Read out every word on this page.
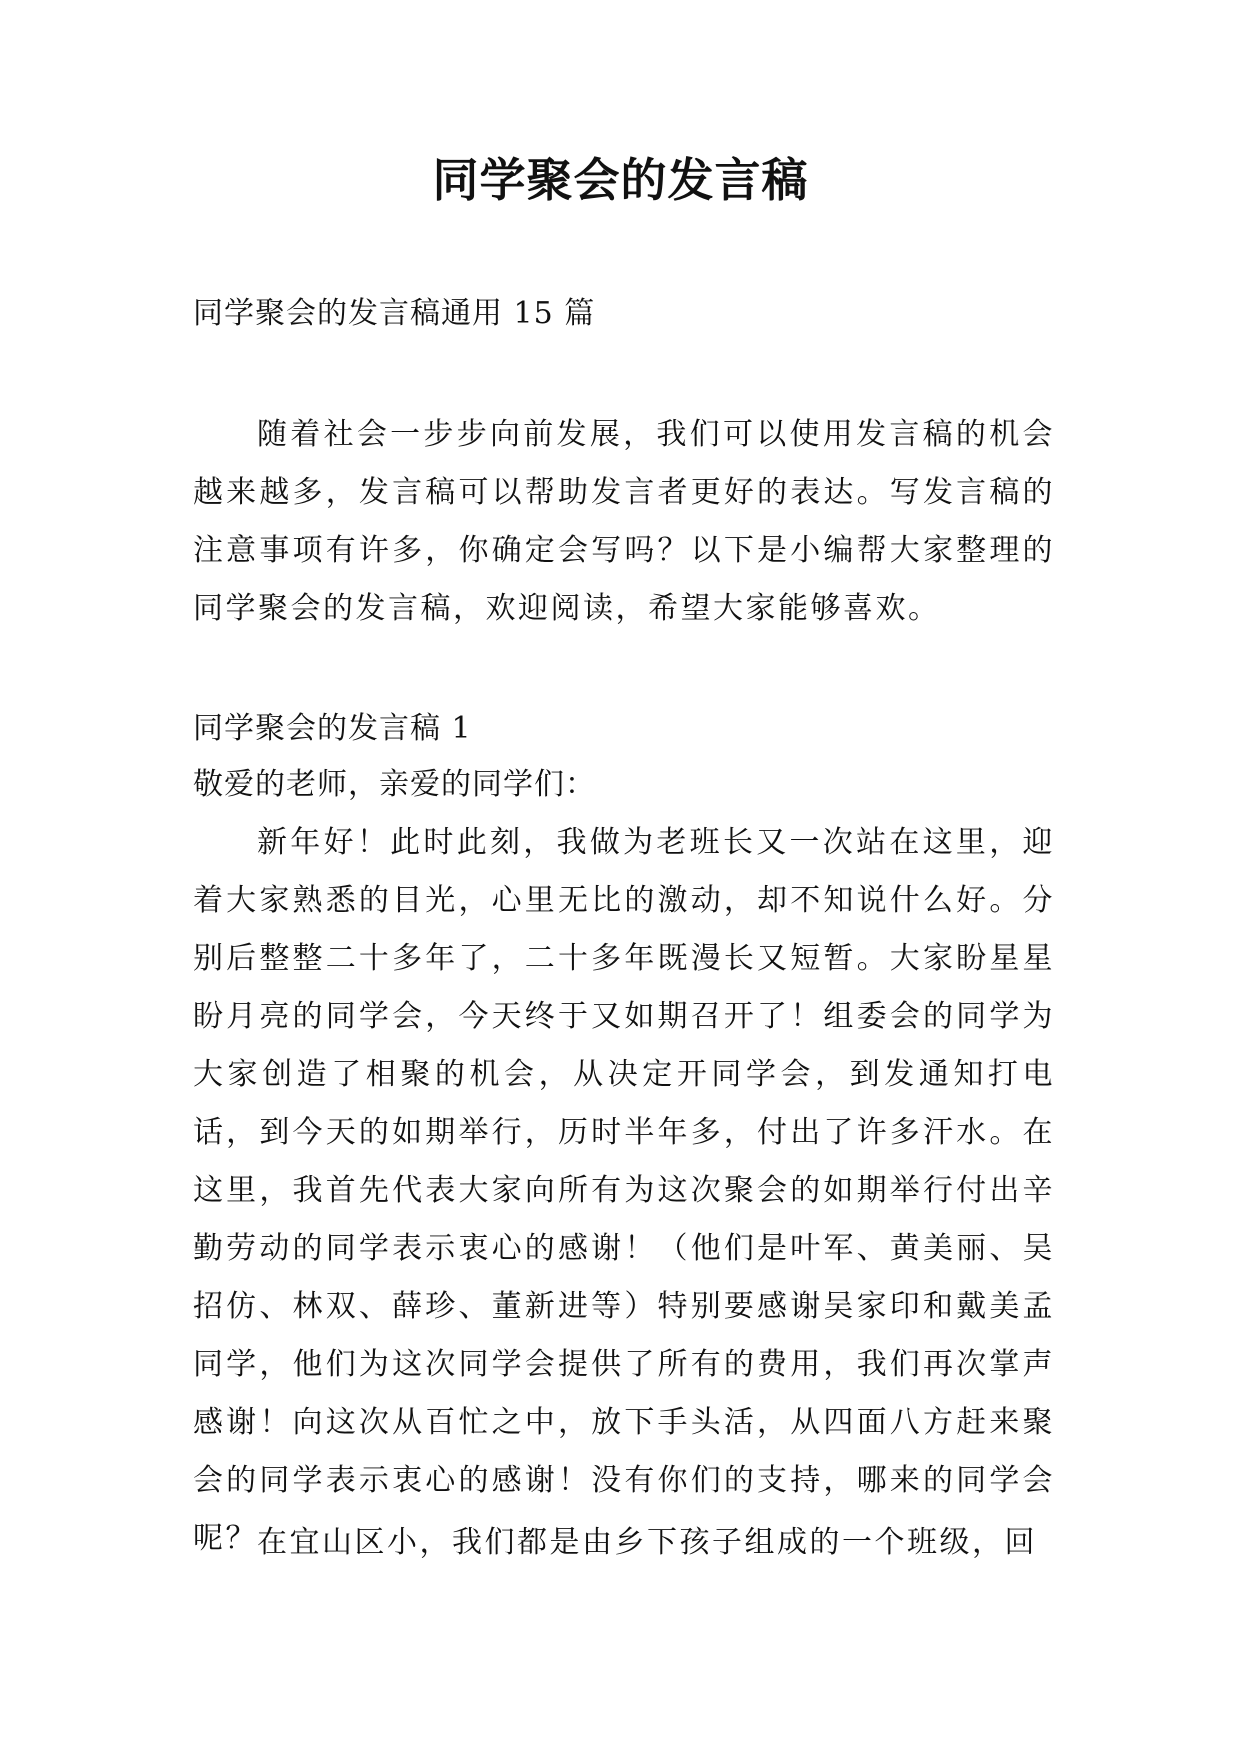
同学聚会的发言稿

同学聚会的发言稿通用 15 篇

随着社会一步步向前发展，我们可以使用发言稿的机会越来越多，发言稿可以帮助发言者更好的表达。写发言稿的注意事项有许多，你确定会写吗？以下是小编帮大家整理的同学聚会的发言稿，欢迎阅读，希望大家能够喜欢。

同学聚会的发言稿 1

敬爱的老师，亲爱的同学们：

新年好！此时此刻，我做为老班长又一次站在这里，迎着大家熟悉的目光，心里无比的激动，却不知说什么好。分别后整整二十多年了，二十多年既漫长又短暂。大家盼星星盼月亮的同学会，今天终于又如期召开了！组委会的同学为大家创造了相聚的机会，从决定开同学会，到发通知打电话，到今天的如期举行，历时半年多，付出了许多汗水。在这里，我首先代表大家向所有为这次聚会的如期举行付出辛勤劳动的同学表示衷心的感谢！（他们是叶军、黄美丽、吴招仿、林双、薛珍、董新进等）特别要感谢吴家印和戴美孟同学，他们为这次同学会提供了所有的费用，我们再次掌声感谢！向这次从百忙之中，放下手头活，从四面八方赶来聚会的同学表示衷心的感谢！没有你们的支持，哪来的同学会呢？ 在宜山区小，我们都是由乡下孩子组成的一个班级，回
